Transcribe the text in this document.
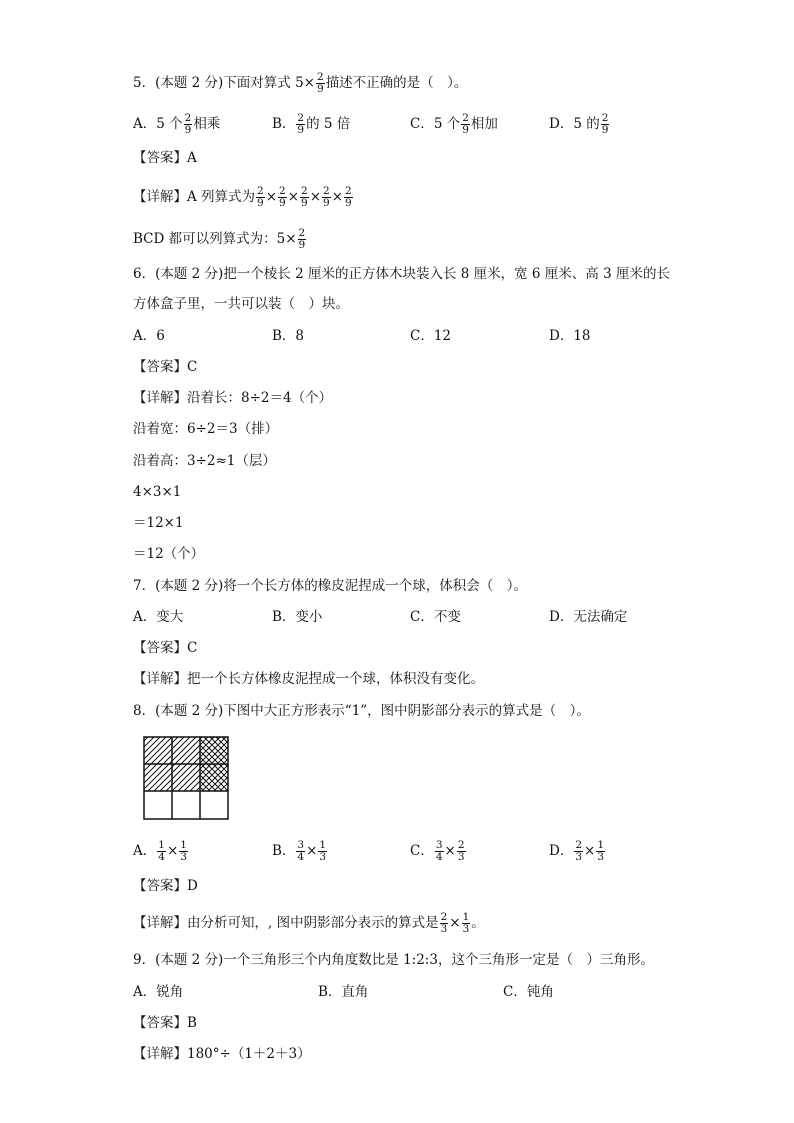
5．(本题 2 分)下面对算式 $5\times \frac{2}{9}$ 描述不正确的是（　）。
A．5 个 $\frac{2}{9}$ 相乘	B． $\frac{2}{9}$ 的 5 倍	C．5 个 $\frac{2}{9}$ 相加	D．5 的 $\frac{2}{9}$
【答案】A
【详解】A 列算式为 $\frac{2}{9} \times \frac{2}{9} \times \frac{2}{9} \times \frac{2}{9} \times \frac{2}{9}$
BCD 都可以列算式为：$5\times \frac{2}{9}$
6．(本题 2 分)把一个棱长 2 厘米的正方体木块装入长 8 厘米，宽 6 厘米、高 3 厘米的长
方体盒子里，一共可以装（　）块。
A．6	B．8	C．12	D．18
【答案】C
【详解】沿着长：8÷2＝4（个）
沿着宽：6÷2＝3（排）
沿着高：3÷2≈1（层）
4×3×1
＝12×1
＝12（个）
7．(本题 2 分)将一个长方体的橡皮泥捏成一个球，体积会（　）。
A．变大	B．变小	C．不变	D．无法确定
【答案】C
【详解】把一个长方体橡皮泥捏成一个球，体积没有变化。
8．(本题 2 分)下图中大正方形表示“1”，图中阴影部分表示的算式是（　）。
A． $\frac{1}{4} \times \frac{1}{3}$	B． $\frac{3}{4} \times \frac{1}{3}$	C． $\frac{3}{4} \times \frac{2}{3}$	D． $\frac{2}{3} \times \frac{1}{3}$
【答案】D
【详解】由分析可知，, 图中阴影部分表示的算式是 $\frac{2}{3} \times \frac{1}{3}$ 。
9．(本题 2 分)一个三角形三个内角度数比是 1:2:3，这个三角形一定是（　）三角形。
A．锐角	B．直角	C．钝角
【答案】B
【详解】180°÷（1＋2＋3）
